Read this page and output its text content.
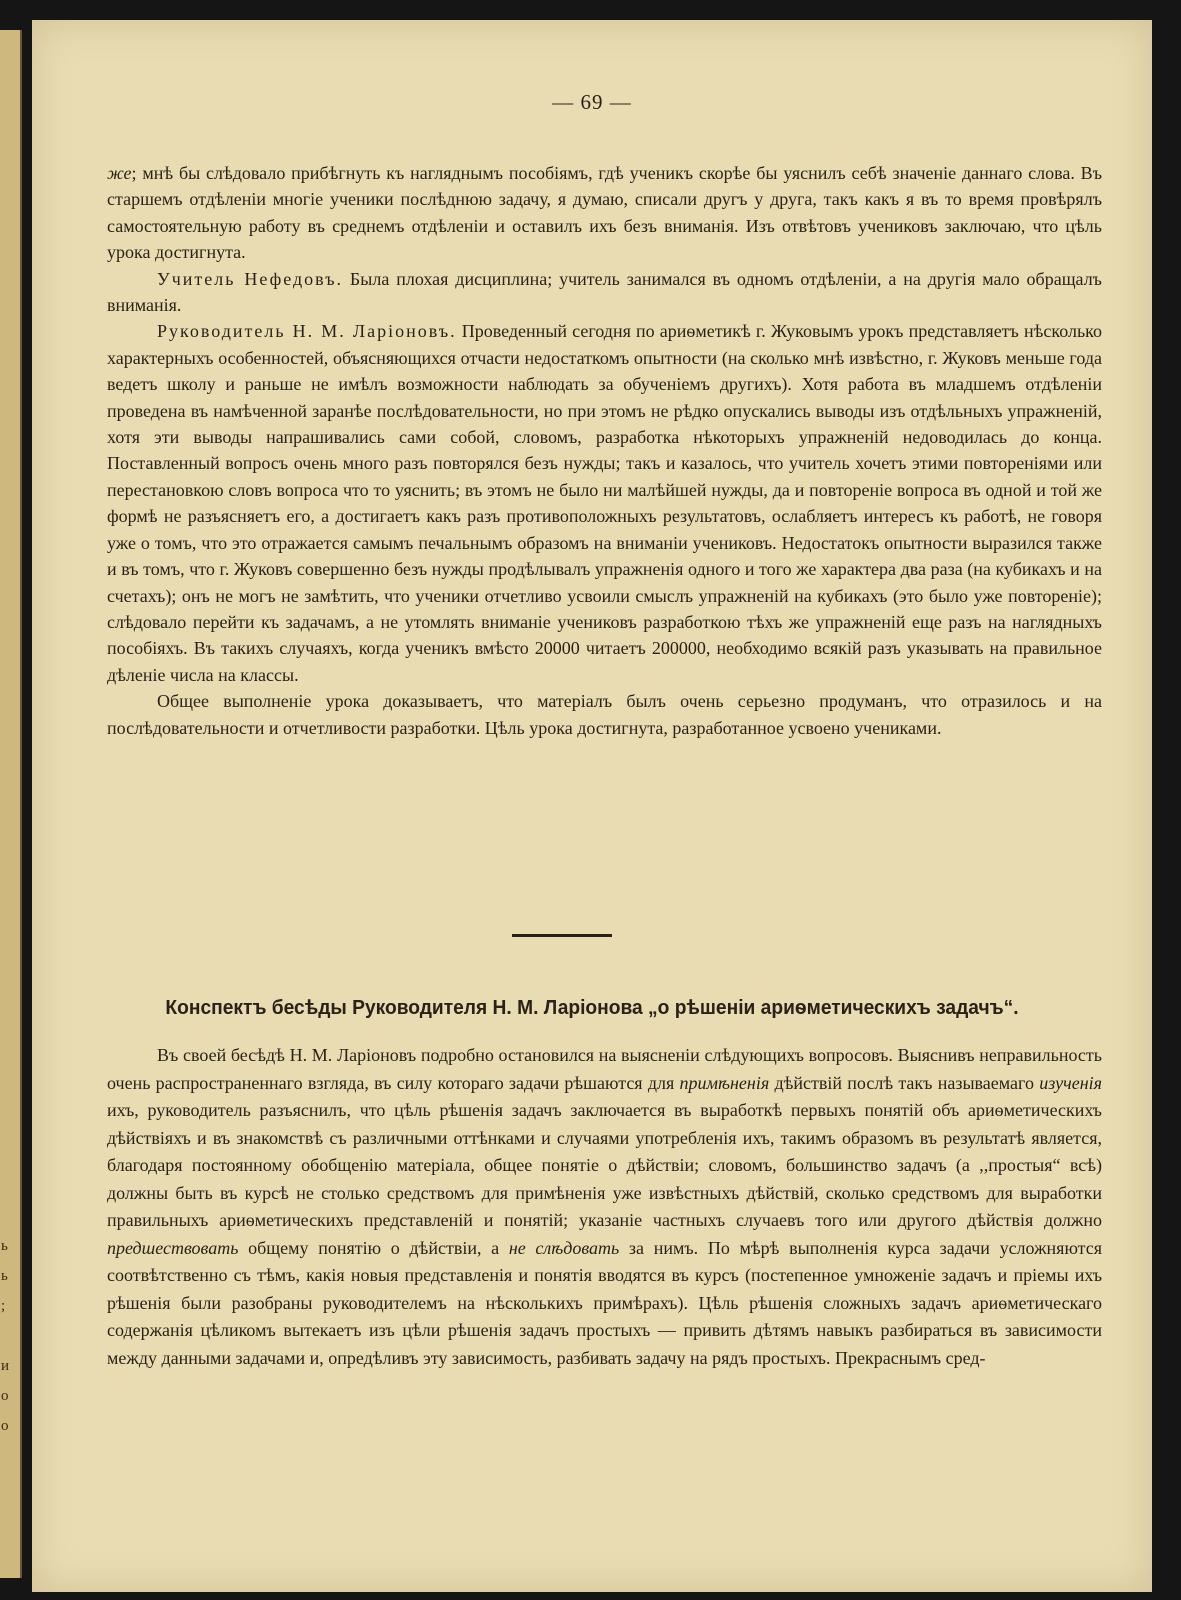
ь
ь
;
и
о
о
— 69 —

же; мнѣ бы слѣдовало прибѣгнуть къ нагляднымъ пособіямъ, гдѣ ученикъ скорѣе бы уяснилъ себѣ значеніе даннаго слова. Въ старшемъ отдѣленіи многіе ученики послѣднюю задачу, я думаю, списали другъ у друга, такъ какъ я въ то время провѣрялъ самостоятельную работу въ среднемъ отдѣленіи и оставилъ ихъ безъ вниманія. Изъ отвѣтовъ учениковъ заключаю, что цѣль урока достигнута.

Учитель Нефедовъ. Была плохая дисциплина; учитель занимался въ одномъ отдѣленіи, а на другія мало обращалъ вниманія.

Руководитель Н. М. Ларіоновъ. Проведенный сегодня по ариѳметикѣ г. Жуковымъ урокъ представляетъ нѣсколько характерныхъ особенностей, объясняющихся отчасти недостаткомъ опытности (на сколько мнѣ извѣстно, г. Жуковъ меньше года ведетъ школу и раньше не имѣлъ возможности наблюдать за обученіемъ другихъ). Хотя работа въ младшемъ отдѣленіи проведена въ намѣченной заранѣе послѣдовательности, но при этомъ не рѣдко опускались выводы изъ отдѣльныхъ упражненій, хотя эти выводы напрашивались сами собой, словомъ, разработка нѣкоторыхъ упражненій недоводилась до конца. Поставленный вопросъ очень много разъ повторялся безъ нужды; такъ и казалось, что учитель хочетъ этими повтореніями или перестановкою словъ вопроса что то уяснить; въ этомъ не было ни малѣйшей нужды, да и повтореніе вопроса въ одной и той же формѣ не разъясняетъ его, а достигаетъ какъ разъ противоположныхъ результатовъ, ослабляетъ интересъ къ работѣ, не говоря уже о томъ, что это отражается самымъ печальнымъ образомъ на вниманіи учениковъ. Недостатокъ опытности выразился также и въ томъ, что г. Жуковъ совершенно безъ нужды продѣлывалъ упражненія одного и того же характера два раза (на кубикахъ и на счетахъ); онъ не могъ не замѣтить, что ученики отчетливо усвоили смыслъ упражненій на кубикахъ (это было уже повтореніе); слѣдовало перейти къ задачамъ, а не утомлять вниманіе учениковъ разработкою тѣхъ же упражненій еще разъ на наглядныхъ пособіяхъ. Въ такихъ случаяхъ, когда ученикъ вмѣсто 20000 читаетъ 200000, необходимо всякій разъ указывать на правильное дѣленіе числа на классы.

Общее выполненіе урока доказываетъ, что матеріалъ былъ очень серьезно продуманъ, что отразилось и на послѣдовательности и отчетливости разработки. Цѣль урока достигнута, разработанное усвоено учениками.

Конспектъ бесѣды Руководителя Н. М. Ларіонова „о рѣшеніи ариѳметическихъ задачъ“.

Въ своей бесѣдѣ Н. М. Ларіоновъ подробно остановился на выясненіи слѣдующихъ вопросовъ. Выяснивъ неправильность очень распространеннаго взгляда, въ силу котораго задачи рѣшаются для примѣненія дѣйствій послѣ такъ называемаго изученія ихъ, руководитель разъяснилъ, что цѣль рѣшенія задачъ заключается въ выработкѣ первыхъ понятій объ ариѳметическихъ дѣйствіяхъ и въ знакомствѣ съ различными оттѣнками и случаями употребленія ихъ, такимъ образомъ въ результатѣ является, благодаря постоянному обобщенію матеріала, общее понятіе о дѣйствіи; словомъ, большинство задачъ (а ,,простыя“ всѣ) должны быть въ курсѣ не столько средствомъ для примѣненія уже извѣстныхъ дѣйствій, сколько средствомъ для выработки правильныхъ ариѳметическихъ представленій и понятій; указаніе частныхъ случаевъ того или другого дѣйствія должно предшествовать общему понятію о дѣйствіи, а не слѣдовать за нимъ. По мѣрѣ выполненія курса задачи усложняются соотвѣтственно съ тѣмъ, какія новыя представленія и понятія вводятся въ курсъ (постепенное умноженіе задачъ и пріемы ихъ рѣшенія были разобраны руководителемъ на нѣсколькихъ примѣрахъ). Цѣль рѣшенія сложныхъ задачъ ариѳметическаго содержанія цѣликомъ вытекаетъ изъ цѣли рѣшенія задачъ простыхъ — привить дѣтямъ навыкъ разбираться въ зависимости между данными задачами и, опредѣливъ эту зависимость, разбивать задачу на рядъ простыхъ. Прекраснымъ сред-
